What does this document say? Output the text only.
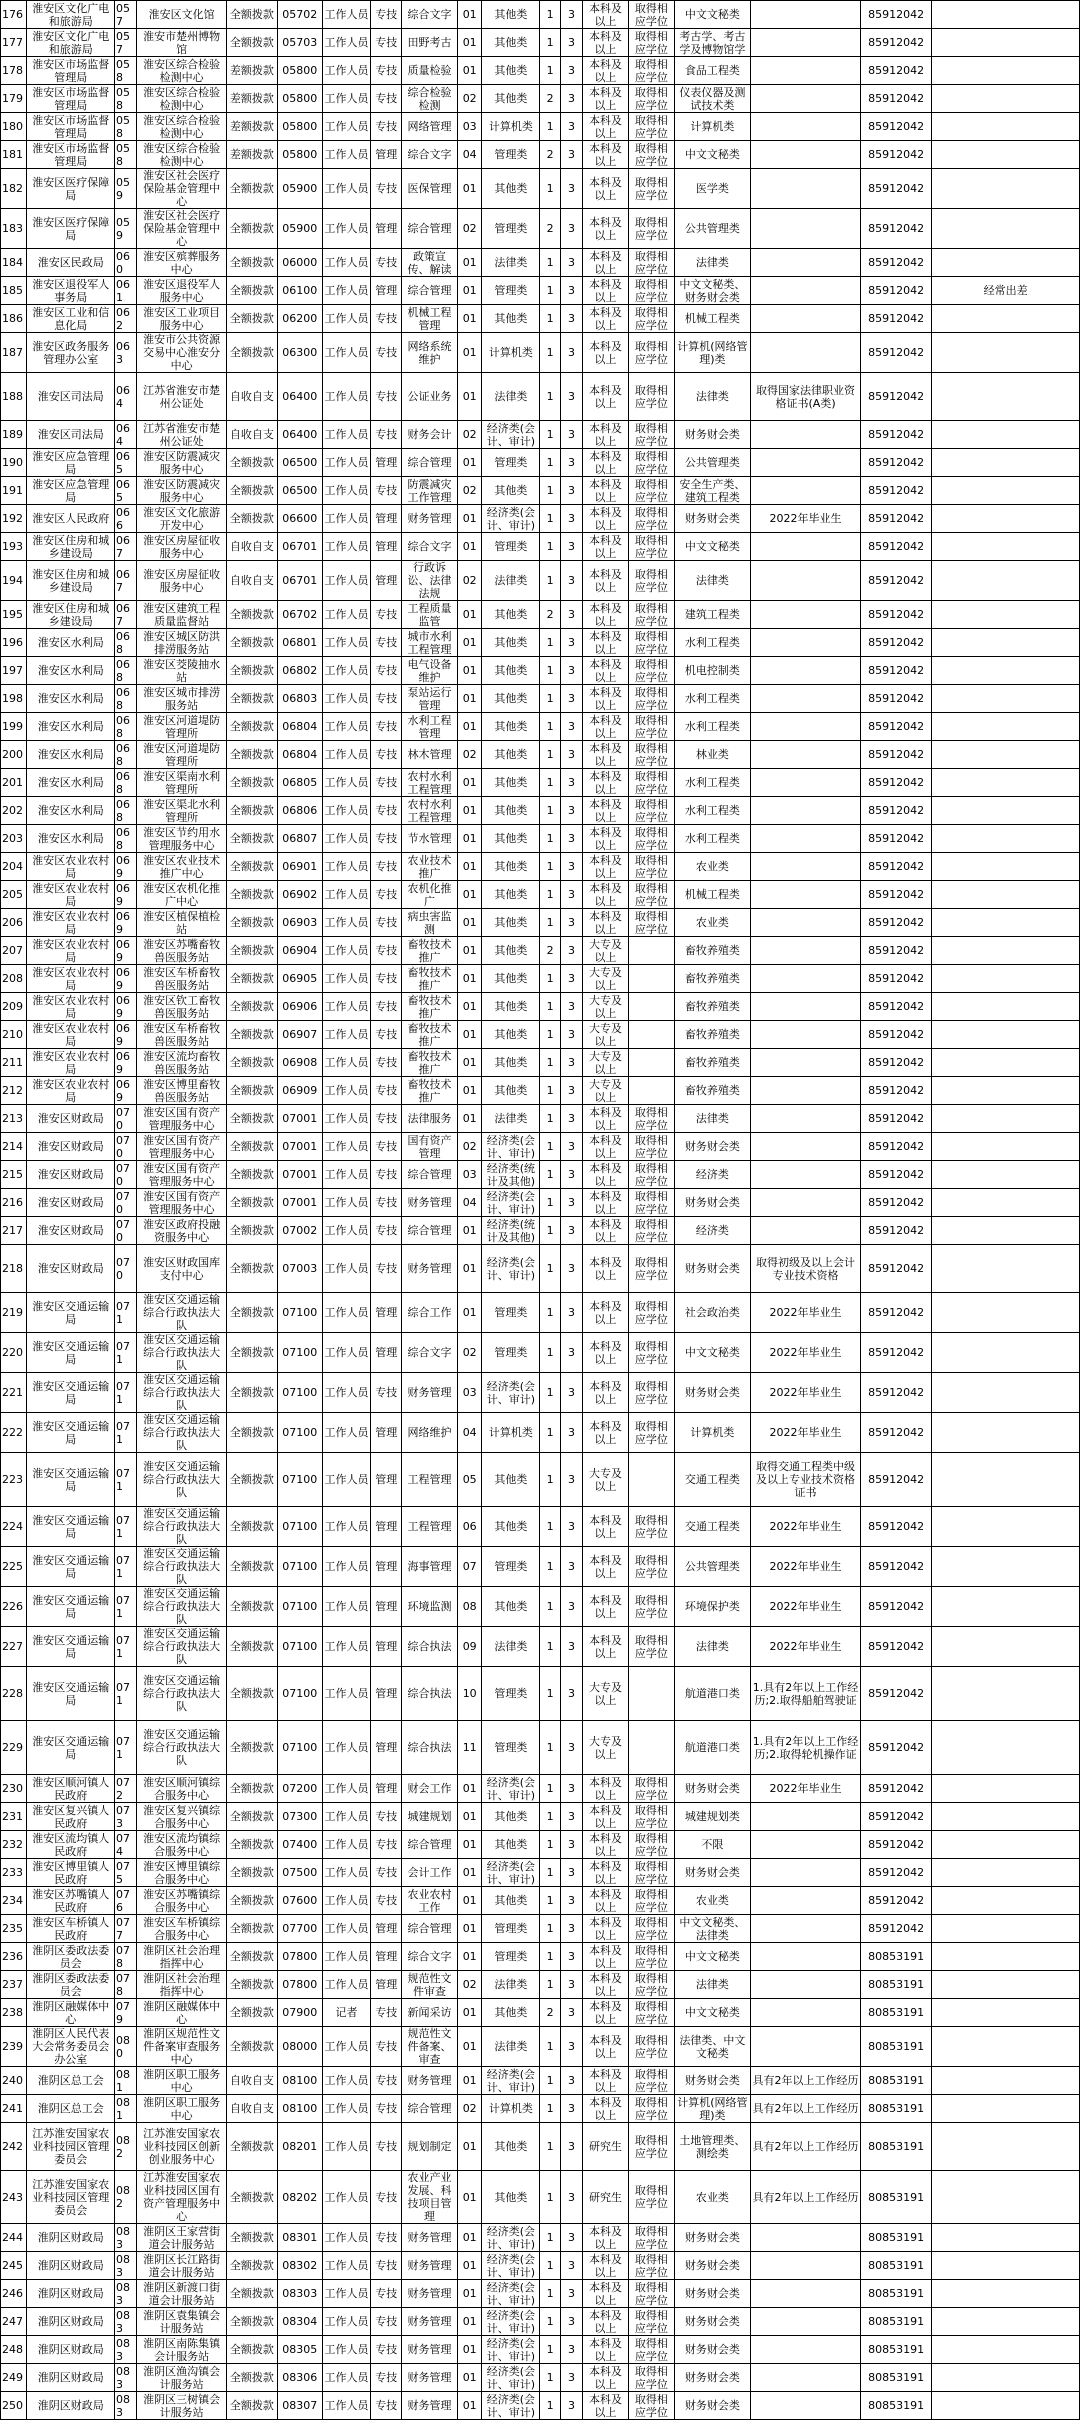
176	淮安区文化广电和旅游局	057	淮安区文化馆	全额拨款	05702	工作人员	专技	综合文字	01	其他类	1	3	本科及以上	取得相应学位	中文文秘类		85912042	
177	淮安区文化广电和旅游局	057	淮安市楚州博物馆	全额拨款	05703	工作人员	专技	田野考古	01	其他类	1	3	本科及以上	取得相应学位	考古学、考古学及博物馆学		85912042	
178	淮安区市场监督管理局	058	淮安区综合检验检测中心	差额拨款	05800	工作人员	专技	质量检验	01	其他类	1	3	本科及以上	取得相应学位	食品工程类		85912042	
179	淮安区市场监督管理局	058	淮安区综合检验检测中心	差额拨款	05800	工作人员	专技	综合检验检测	02	其他类	2	3	本科及以上	取得相应学位	仪表仪器及测试技术类		85912042	
180	淮安区市场监督管理局	058	淮安区综合检验检测中心	差额拨款	05800	工作人员	专技	网络管理	03	计算机类	1	3	本科及以上	取得相应学位	计算机类		85912042	
181	淮安区市场监督管理局	058	淮安区综合检验检测中心	差额拨款	05800	工作人员	管理	综合文字	04	管理类	2	3	本科及以上	取得相应学位	中文文秘类		85912042	
182	淮安区医疗保障局	059	淮安区社会医疗保险基金管理中心	全额拨款	05900	工作人员	专技	医保管理	01	其他类	1	3	本科及以上	取得相应学位	医学类		85912042	
183	淮安区医疗保障局	059	淮安区社会医疗保险基金管理中心	全额拨款	05900	工作人员	管理	综合管理	02	管理类	2	3	本科及以上	取得相应学位	公共管理类		85912042	
184	淮安区民政局	060	淮安区殡葬服务中心	全额拨款	06000	工作人员	专技	政策宣传、解读	01	法律类	1	3	本科及以上	取得相应学位	法律类		85912042	
185	淮安区退役军人事务局	061	淮安区退役军人服务中心	全额拨款	06100	工作人员	管理	综合管理	01	管理类	1	3	本科及以上	取得相应学位	中文文秘类、财务财会类		85912042	经常出差
186	淮安区工业和信息化局	062	淮安区工业项目服务中心	全额拨款	06200	工作人员	专技	机械工程管理	01	其他类	1	3	本科及以上	取得相应学位	机械工程类		85912042	
187	淮安区政务服务管理办公室	063	淮安市公共资源交易中心淮安分中心	全额拨款	06300	工作人员	专技	网络系统维护	01	计算机类	1	3	本科及以上	取得相应学位	计算机(网络管理)类		85912042	
188	淮安区司法局	064	江苏省淮安市楚州公证处	自收自支	06400	工作人员	专技	公证业务	01	法律类	1	3	本科及以上	取得相应学位	法律类	取得国家法律职业资格证书(A类)	85912042	
189	淮安区司法局	064	江苏省淮安市楚州公证处	自收自支	06400	工作人员	专技	财务会计	02	经济类(会计、审计)	1	3	本科及以上	取得相应学位	财务财会类		85912042	
190	淮安区应急管理局	065	淮安区防震减灾服务中心	全额拨款	06500	工作人员	管理	综合管理	01	管理类	1	3	本科及以上	取得相应学位	公共管理类		85912042	
191	淮安区应急管理局	065	淮安区防震减灾服务中心	全额拨款	06500	工作人员	专技	防震减灾工作管理	02	其他类	1	3	本科及以上	取得相应学位	安全生产类、建筑工程类		85912042	
192	淮安区人民政府	066	淮安区文化旅游开发中心	全额拨款	06600	工作人员	管理	财务管理	01	经济类(会计、审计)	1	3	本科及以上	取得相应学位	财务财会类	2022年毕业生	85912042	
193	淮安区住房和城乡建设局	067	淮安区房屋征收服务中心	自收自支	06701	工作人员	管理	综合文字	01	管理类	1	3	本科及以上	取得相应学位	中文文秘类		85912042	
194	淮安区住房和城乡建设局	067	淮安区房屋征收服务中心	自收自支	06701	工作人员	管理	行政诉讼、法律法规	02	法律类	1	3	本科及以上	取得相应学位	法律类		85912042	
195	淮安区住房和城乡建设局	067	淮安区建筑工程质量监督站	全额拨款	06702	工作人员	专技	工程质量监管	01	其他类	2	3	本科及以上	取得相应学位	建筑工程类		85912042	
196	淮安区水利局	068	淮安区城区防洪排涝服务站	全额拨款	06801	工作人员	专技	城市水利工程管理	01	其他类	1	3	本科及以上	取得相应学位	水利工程类		85912042	
197	淮安区水利局	068	淮安区茭陵抽水站	全额拨款	06802	工作人员	专技	电气设备维护	01	其他类	1	3	本科及以上	取得相应学位	机电控制类		85912042	
198	淮安区水利局	068	淮安区城市排涝服务站	全额拨款	06803	工作人员	专技	泵站运行管理	01	其他类	1	3	本科及以上	取得相应学位	水利工程类		85912042	
199	淮安区水利局	068	淮安区河道堤防管理所	全额拨款	06804	工作人员	专技	水利工程管理	01	其他类	1	3	本科及以上	取得相应学位	水利工程类		85912042	
200	淮安区水利局	068	淮安区河道堤防管理所	全额拨款	06804	工作人员	专技	林木管理	02	其他类	1	3	本科及以上	取得相应学位	林业类		85912042	
201	淮安区水利局	068	淮安区渠南水利管理所	全额拨款	06805	工作人员	专技	农村水利工程管理	01	其他类	1	3	本科及以上	取得相应学位	水利工程类		85912042	
202	淮安区水利局	068	淮安区渠北水利管理所	全额拨款	06806	工作人员	专技	农村水利工程管理	01	其他类	1	3	本科及以上	取得相应学位	水利工程类		85912042	
203	淮安区水利局	068	淮安区节约用水管理服务中心	全额拨款	06807	工作人员	专技	节水管理	01	其他类	1	3	本科及以上	取得相应学位	水利工程类		85912042	
204	淮安区农业农村局	069	淮安区农业技术推广中心	全额拨款	06901	工作人员	专技	农业技术推广	01	其他类	1	3	本科及以上	取得相应学位	农业类		85912042	
205	淮安区农业农村局	069	淮安区农机化推广中心	全额拨款	06902	工作人员	专技	农机化推广	01	其他类	1	3	本科及以上	取得相应学位	机械工程类		85912042	
206	淮安区农业农村局	069	淮安区植保植检站	全额拨款	06903	工作人员	专技	病虫害监测	01	其他类	1	3	本科及以上	取得相应学位	农业类		85912042	
207	淮安区农业农村局	069	淮安区苏嘴畜牧兽医服务站	全额拨款	06904	工作人员	专技	畜牧技术推广	01	其他类	2	3	大专及以上		畜牧养殖类		85912042	
208	淮安区农业农村局	069	淮安区车桥畜牧兽医服务站	全额拨款	06905	工作人员	专技	畜牧技术推广	01	其他类	1	3	大专及以上		畜牧养殖类		85912042	
209	淮安区农业农村局	069	淮安区钦工畜牧兽医服务站	全额拨款	06906	工作人员	专技	畜牧技术推广	01	其他类	1	3	大专及以上		畜牧养殖类		85912042	
210	淮安区农业农村局	069	淮安区车桥畜牧兽医服务站	全额拨款	06907	工作人员	专技	畜牧技术推广	01	其他类	1	3	大专及以上		畜牧养殖类		85912042	
211	淮安区农业农村局	069	淮安区流均畜牧兽医服务站	全额拨款	06908	工作人员	专技	畜牧技术推广	01	其他类	1	3	大专及以上		畜牧养殖类		85912042	
212	淮安区农业农村局	069	淮安区博里畜牧兽医服务站	全额拨款	06909	工作人员	专技	畜牧技术推广	01	其他类	1	3	大专及以上		畜牧养殖类		85912042	
213	淮安区财政局	070	淮安区国有资产管理服务中心	全额拨款	07001	工作人员	专技	法律服务	01	法律类	1	3	本科及以上	取得相应学位	法律类		85912042	
214	淮安区财政局	070	淮安区国有资产管理服务中心	全额拨款	07001	工作人员	专技	国有资产管理	02	经济类(会计、审计)	1	3	本科及以上	取得相应学位	财务财会类		85912042	
215	淮安区财政局	070	淮安区国有资产管理服务中心	全额拨款	07001	工作人员	专技	综合管理	03	经济类(统计及其他)	1	3	本科及以上	取得相应学位	经济类		85912042	
216	淮安区财政局	070	淮安区国有资产管理服务中心	全额拨款	07001	工作人员	专技	财务管理	04	经济类(会计、审计)	1	3	本科及以上	取得相应学位	财务财会类		85912042	
217	淮安区财政局	070	淮安区政府投融资服务中心	全额拨款	07002	工作人员	专技	综合管理	01	经济类(统计及其他)	1	3	本科及以上	取得相应学位	经济类		85912042	
218	淮安区财政局	070	淮安区财政国库支付中心	全额拨款	07003	工作人员	专技	财务管理	01	经济类(会计、审计)	1	3	本科及以上	取得相应学位	财务财会类	取得初级及以上会计专业技术资格	85912042	
219	淮安区交通运输局	071	淮安区交通运输综合行政执法大队	全额拨款	07100	工作人员	管理	综合工作	01	管理类	1	3	本科及以上	取得相应学位	社会政治类	2022年毕业生	85912042	
220	淮安区交通运输局	071	淮安区交通运输综合行政执法大队	全额拨款	07100	工作人员	管理	综合文字	02	管理类	1	3	本科及以上	取得相应学位	中文文秘类	2022年毕业生	85912042	
221	淮安区交通运输局	071	淮安区交通运输综合行政执法大队	全额拨款	07100	工作人员	专技	财务管理	03	经济类(会计、审计)	1	3	本科及以上	取得相应学位	财务财会类	2022年毕业生	85912042	
222	淮安区交通运输局	071	淮安区交通运输综合行政执法大队	全额拨款	07100	工作人员	管理	网络维护	04	计算机类	1	3	本科及以上	取得相应学位	计算机类	2022年毕业生	85912042	
223	淮安区交通运输局	071	淮安区交通运输综合行政执法大队	全额拨款	07100	工作人员	管理	工程管理	05	其他类	1	3	大专及以上		交通工程类	取得交通工程类中级及以上专业技术资格证书	85912042	
224	淮安区交通运输局	071	淮安区交通运输综合行政执法大队	全额拨款	07100	工作人员	管理	工程管理	06	其他类	1	3	本科及以上	取得相应学位	交通工程类	2022年毕业生	85912042	
225	淮安区交通运输局	071	淮安区交通运输综合行政执法大队	全额拨款	07100	工作人员	管理	海事管理	07	管理类	1	3	本科及以上	取得相应学位	公共管理类	2022年毕业生	85912042	
226	淮安区交通运输局	071	淮安区交通运输综合行政执法大队	全额拨款	07100	工作人员	管理	环境监测	08	其他类	1	3	本科及以上	取得相应学位	环境保护类	2022年毕业生	85912042	
227	淮安区交通运输局	071	淮安区交通运输综合行政执法大队	全额拨款	07100	工作人员	管理	综合执法	09	法律类	1	3	本科及以上	取得相应学位	法律类	2022年毕业生	85912042	
228	淮安区交通运输局	071	淮安区交通运输综合行政执法大队	全额拨款	07100	工作人员	管理	综合执法	10	管理类	1	3	大专及以上		航道港口类	1.具有2年以上工作经历;2.取得船舶驾驶证	85912042	
229	淮安区交通运输局	071	淮安区交通运输综合行政执法大队	全额拨款	07100	工作人员	管理	综合执法	11	管理类	1	3	大专及以上		航道港口类	1.具有2年以上工作经历;2.取得轮机操作证	85912042	
230	淮安区顺河镇人民政府	072	淮安区顺河镇综合服务中心	全额拨款	07200	工作人员	管理	财会工作	01	经济类(会计、审计)	1	3	本科及以上	取得相应学位	财务财会类	2022年毕业生	85912042	
231	淮安区复兴镇人民政府	073	淮安区复兴镇综合服务中心	全额拨款	07300	工作人员	专技	城建规划	01	其他类	1	3	本科及以上	取得相应学位	城建规划类		85912042	
232	淮安区流均镇人民政府	074	淮安区流均镇综合服务中心	全额拨款	07400	工作人员	专技	综合管理	01	其他类	1	3	本科及以上	取得相应学位	不限		85912042	
233	淮安区博里镇人民政府	075	淮安区博里镇综合服务中心	全额拨款	07500	工作人员	专技	会计工作	01	经济类(会计、审计)	1	3	本科及以上	取得相应学位	财务财会类		85912042	
234	淮安区苏嘴镇人民政府	076	淮安区苏嘴镇综合服务中心	全额拨款	07600	工作人员	专技	农业农村工作	01	其他类	1	3	本科及以上	取得相应学位	农业类		85912042	
235	淮安区车桥镇人民政府	077	淮安区车桥镇综合服务中心	全额拨款	07700	工作人员	管理	综合管理	01	管理类	1	3	本科及以上	取得相应学位	中文文秘类、法律类		85912042	
236	淮阴区委政法委员会	078	淮阴区社会治理指挥中心	全额拨款	07800	工作人员	管理	综合文字	01	管理类	1	3	本科及以上	取得相应学位	中文文秘类		80853191	
237	淮阴区委政法委员会	078	淮阴区社会治理指挥中心	全额拨款	07800	工作人员	管理	规范性文件审查	02	法律类	1	3	本科及以上	取得相应学位	法律类		80853191	
238	淮阴区融媒体中心	079	淮阴区融媒体中心	全额拨款	07900	记者	专技	新闻采访	01	其他类	2	3	本科及以上	取得相应学位	中文文秘类		80853191	
239	淮阴区人民代表大会常务委员会办公室	080	淮阴区规范性文件备案审查服务中心	全额拨款	08000	工作人员	专技	规范性文件备案、审查	01	法律类	1	3	本科及以上	取得相应学位	法律类、中文文秘类		80853191	
240	淮阴区总工会	081	淮阴区职工服务中心	自收自支	08100	工作人员	专技	财务管理	01	经济类(会计、审计)	1	3	本科及以上	取得相应学位	财务财会类	具有2年以上工作经历	80853191	
241	淮阴区总工会	081	淮阴区职工服务中心	自收自支	08100	工作人员	专技	综合管理	02	计算机类	1	3	本科及以上	取得相应学位	计算机(网络管理)类	具有2年以上工作经历	80853191	
242	江苏淮安国家农业科技园区管理委员会	082	江苏淮安国家农业科技园区创新创业服务中心	全额拨款	08201	工作人员	专技	规划制定	01	其他类	1	3	研究生	取得相应学位	土地管理类、测绘类	具有2年以上工作经历	80853191	
243	江苏淮安国家农业科技园区管理委员会	082	江苏淮安国家农业科技园区国有资产管理服务中心	全额拨款	08202	工作人员	专技	农业产业发展、科技项目管理	01	其他类	1	3	研究生	取得相应学位	农业类	具有2年以上工作经历	80853191	
244	淮阴区财政局	083	淮阴区王家营街道会计服务站	全额拨款	08301	工作人员	专技	财务管理	01	经济类(会计、审计)	1	3	本科及以上	取得相应学位	财务财会类		80853191	
245	淮阴区财政局	083	淮阴区长江路街道会计服务站	全额拨款	08302	工作人员	专技	财务管理	01	经济类(会计、审计)	1	3	本科及以上	取得相应学位	财务财会类		80853191	
246	淮阴区财政局	083	淮阴区新渡口街道会计服务站	全额拨款	08303	工作人员	专技	财务管理	01	经济类(会计、审计)	1	3	本科及以上	取得相应学位	财务财会类		80853191	
247	淮阴区财政局	083	淮阴区袁集镇会计服务站	全额拨款	08304	工作人员	专技	财务管理	01	经济类(会计、审计)	1	3	本科及以上	取得相应学位	财务财会类		80853191	
248	淮阴区财政局	083	淮阴区南陈集镇会计服务站	全额拨款	08305	工作人员	专技	财务管理	01	经济类(会计、审计)	1	3	本科及以上	取得相应学位	财务财会类		80853191	
249	淮阴区财政局	083	淮阴区渔沟镇会计服务站	全额拨款	08306	工作人员	专技	财务管理	01	经济类(会计、审计)	1	3	本科及以上	取得相应学位	财务财会类		80853191	
250	淮阴区财政局	083	淮阴区三树镇会计服务站	全额拨款	08307	工作人员	专技	财务管理	01	经济类(会计、审计)	1	3	本科及以上	取得相应学位	财务财会类		80853191	
